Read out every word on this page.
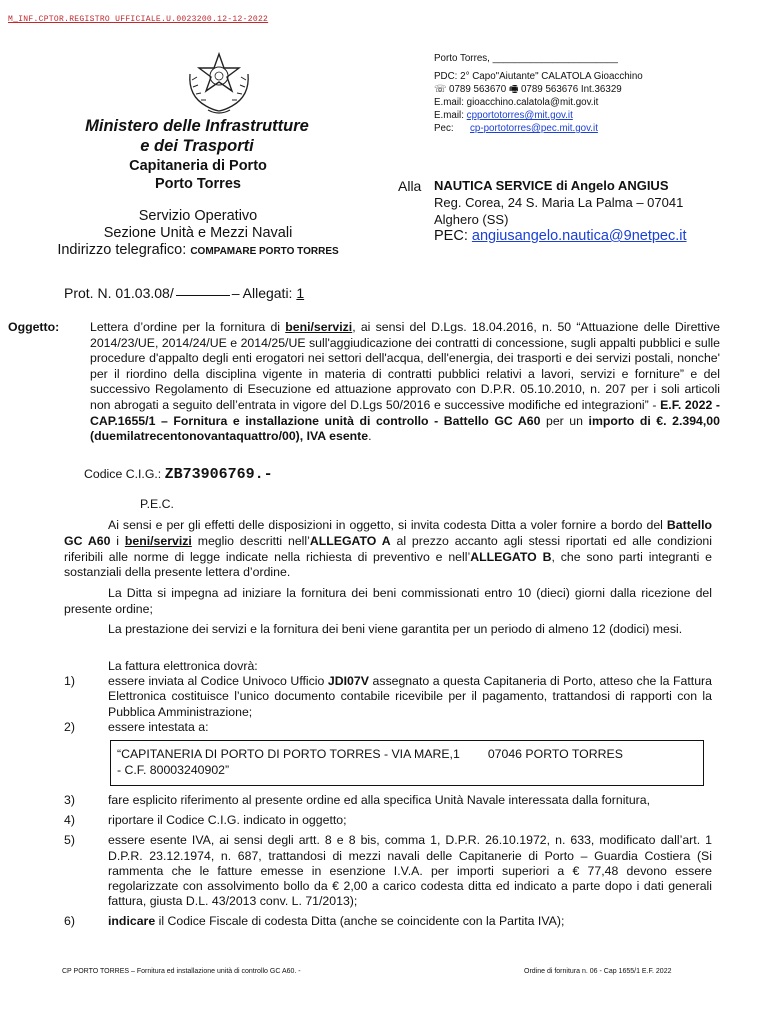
M_INF.CPTOR.REGISTRO UFFICIALE.U.0023200.12-12-2022
Ministero delle Infrastrutture
e dei Trasporti
Capitaneria di Porto
Porto Torres
Servizio Operativo
Sezione Unità e Mezzi Navali
Indirizzo telegrafico: COMPAMARE PORTO TORRES
Porto Torres, _______________________
PDC: 2° Capo"Aiutante" CALATOLA Gioacchino
☏ 0789 563670 🖷 0789 563676 Int.36329
E.mail: gioacchino.calatola@mit.gov.it
E.mail: cpportotorres@mit.gov.it
Pec: cp-portotorres@pec.mit.gov.it
Alla NAUTICA SERVICE di Angelo ANGIUS
Reg. Corea, 24 S. Maria La Palma – 07041
Alghero (SS)
PEC: angiusangelo.nautica@9netpec.it
Prot. N. 01.03.08/	– Allegati: 1
Oggetto:	Lettera d’ordine per la fornitura di beni/servizi, ai sensi del D.Lgs. 18.04.2016, n. 50 “Attuazione delle Direttive 2014/23/UE, 2014/24/UE e 2014/25/UE sull'aggiudicazione dei contratti di concessione, sugli appalti pubblici e sulle procedure d'appalto degli enti erogatori nei settori dell'acqua, dell'energia, dei trasporti e dei servizi postali, nonche' per il riordino della disciplina vigente in materia di contratti pubblici relativi a lavori, servizi e forniture” e del successivo Regolamento di Esecuzione ed attuazione approvato con D.P.R. 05.10.2010, n. 207 per i soli articoli non abrogati a seguito dell’entrata in vigore del D.Lgs 50/2016 e successive modifiche ed integrazioni” - E.F. 2022 - CAP.1655/1 – Fornitura e installazione unità di controllo - Battello GC A60 per un importo di €. 2.394,00 (duemilatrecentonovantaquattro/00), IVA esente.
Codice C.I.G.: ZB73906769.-
P.E.C.

Ai sensi e per gli effetti delle disposizioni in oggetto, si invita codesta Ditta a voler fornire a bordo del Battello GC A60 i beni/servizi meglio descritti nell’ALLEGATO A al prezzo accanto agli stessi riportati ed alle condizioni riferibili alle norme di legge indicate nella richiesta di preventivo e nell’ALLEGATO B, che sono parti integranti e sostanziali della presente lettera d’ordine.

La Ditta si impegna ad iniziare la fornitura dei beni commissionati entro 10 (dieci) giorni dalla ricezione del presente ordine;

La prestazione dei servizi e la fornitura dei beni viene garantita per un periodo di almeno 12 (dodici) mesi.

La fattura elettronica dovrà:
1)	essere inviata al Codice Univoco Ufficio JDI07V assegnato a questa Capitaneria di Porto, atteso che la Fattura Elettronica costituisce l’unico documento contabile ricevibile per il pagamento, trattandosi di rapporti con la Pubblica Amministrazione;
2)	essere intestata a:
“CAPITANERIA DI PORTO DI PORTO TORRES - VIA MARE,1 07046 PORTO TORRES
- C.F. 80003240902”
3)	fare esplicito riferimento al presente ordine ed alla specifica Unità Navale interessata dalla fornitura,
4)	riportare il Codice C.I.G. indicato in oggetto;
5)	essere esente IVA, ai sensi degli artt. 8 e 8 bis, comma 1, D.P.R. 26.10.1972, n. 633, modificato dall’art. 1 D.P.R. 23.12.1974, n. 687, trattandosi di mezzi navali delle Capitanerie di Porto – Guardia Costiera (Si rammenta che le fatture emesse in esenzione I.V.A. per importi superiori a € 77,48 devono essere regolarizzate con assolvimento bollo da € 2,00 a carico codesta ditta ed indicato a parte dopo i dati generali fattura, giusta D.L. 43/2013 conv. L. 71/2013);
6)	indicare il Codice Fiscale di codesta Ditta (anche se coincidente con la Partita IVA);
CP PORTO TORRES – Fornitura ed installazione unità di controllo GC A60. -	Ordine di fornitura n. 06 - Cap 1655/1 E.F. 2022
